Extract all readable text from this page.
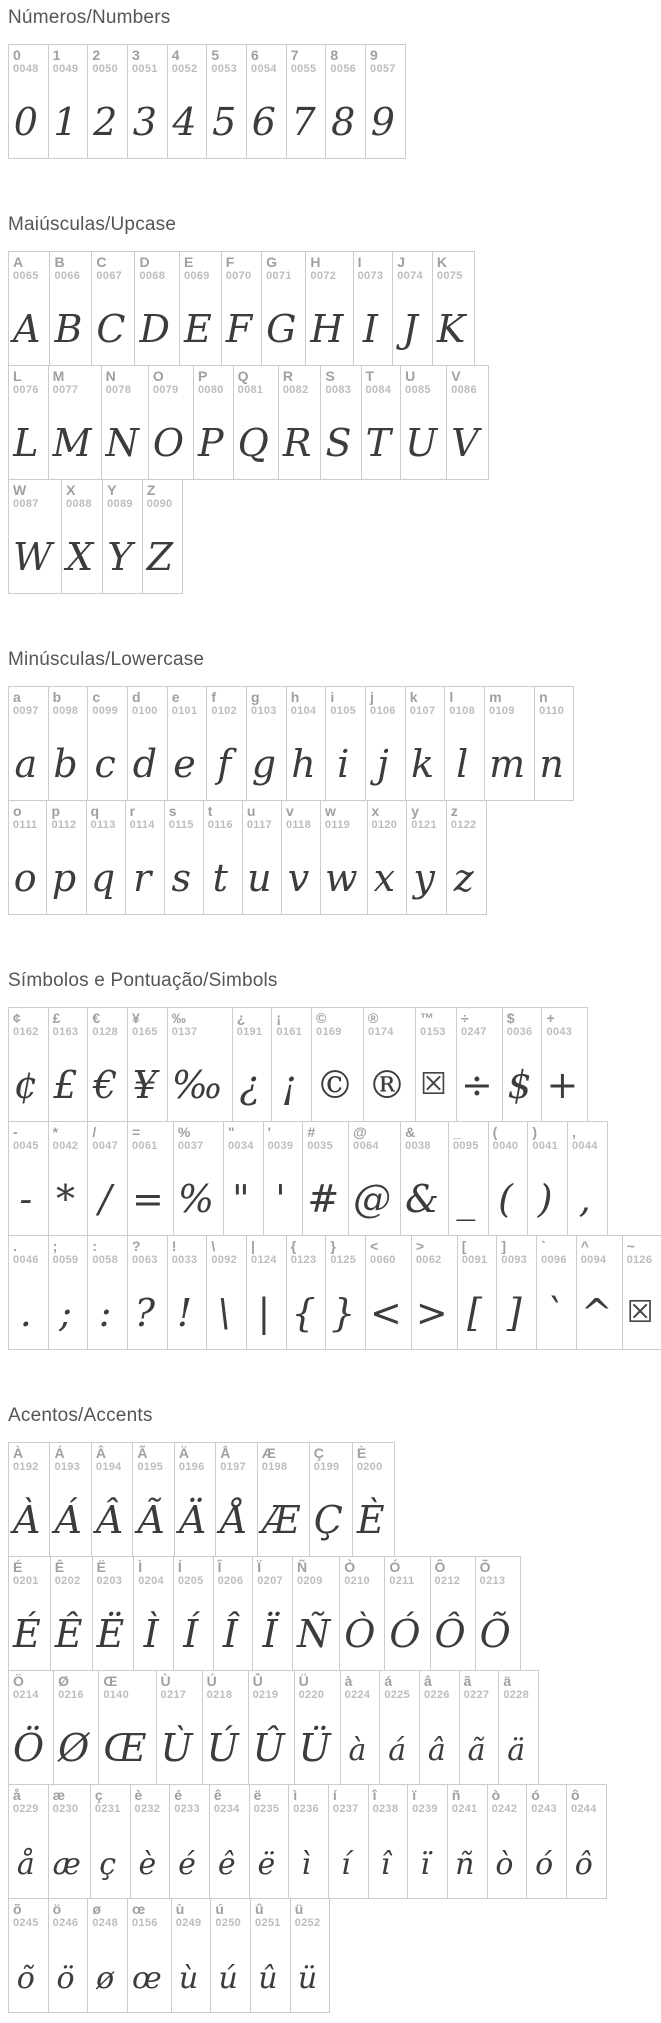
Números/Numbers
0
0048
0
1
0049
1
2
0050
2
3
0051
3
4
0052
4
5
0053
5
6
0054
6
7
0055
7
8
0056
8
9
0057
9
Maiúsculas/Upcase
A
0065
A
B
0066
B
C
0067
C
D
0068
D
E
0069
E
F
0070
F
G
0071
G
H
0072
H
I
0073
I
J
0074
J
K
0075
K
L
0076
L
M
0077
M
N
0078
N
O
0079
O
P
0080
P
Q
0081
Q
R
0082
R
S
0083
S
T
0084
T
U
0085
U
V
0086
V
W
0087
W
X
0088
X
Y
0089
Y
Z
0090
Z
Minúsculas/Lowercase
a
0097
a
b
0098
b
c
0099
c
d
0100
d
e
0101
e
f
0102
f
g
0103
g
h
0104
h
i
0105
i
j
0106
j
k
0107
k
l
0108
l
m
0109
m
n
0110
n
o
0111
o
p
0112
p
q
0113
q
r
0114
r
s
0115
s
t
0116
t
u
0117
u
v
0118
v
w
0119
w
x
0120
x
y
0121
y
z
0122
z
Símbolos e Pontuação/Simbols
¢
0162
¢
£
0163
£
€
0128
€
¥
0165
¥
‰
0137
‰
¿
0191
¿
¡
0161
¡
©
0169
©
®
0174
®
™
0153
☒
÷
0247
÷
$
0036
$
+
0043
+
-
0045
-
*
0042
*
/
0047
/
=
0061
=
%
0037
%
"
0034
"
'
0039
'
#
0035
#
@
0064
@
&
0038
&
_
0095
_
(
0040
(
)
0041
)
,
0044
,
.
0046
.
;
0059
;
:
0058
:
?
0063
?
!
0033
!
\
0092
\
|
0124
|
{
0123
{
}
0125
}
<
0060
<
>
0062
>
[
0091
[
]
0093
]
`
0096
`
^
0094
^
~
0126
☒
Acentos/Accents
À
0192
À
Á
0193
Á
Â
0194
Â
Ã
0195
Ã
Ä
0196
Ä
Å
0197
Å
Æ
0198
Æ
Ç
0199
Ç
È
0200
È
É
0201
É
Ê
0202
Ê
Ë
0203
Ë
Ì
0204
Ì
Í
0205
Í
Î
0206
Î
Ï
0207
Ï
Ñ
0209
Ñ
Ò
0210
Ò
Ó
0211
Ó
Ô
0212
Ô
Õ
0213
Õ
Ö
0214
Ö
Ø
0216
Ø
Œ
0140
Œ
Ù
0217
Ù
Ú
0218
Ú
Û
0219
Û
Ü
0220
Ü
à
0224
à
á
0225
á
â
0226
â
ã
0227
ã
ä
0228
ä
å
0229
å
æ
0230
æ
ç
0231
ç
è
0232
è
é
0233
é
ê
0234
ê
ë
0235
ë
ì
0236
ì
í
0237
í
î
0238
î
ï
0239
ï
ñ
0241
ñ
ò
0242
ò
ó
0243
ó
ô
0244
ô
õ
0245
õ
ö
0246
ö
ø
0248
ø
œ
0156
œ
ù
0249
ù
ú
0250
ú
û
0251
û
ü
0252
ü
